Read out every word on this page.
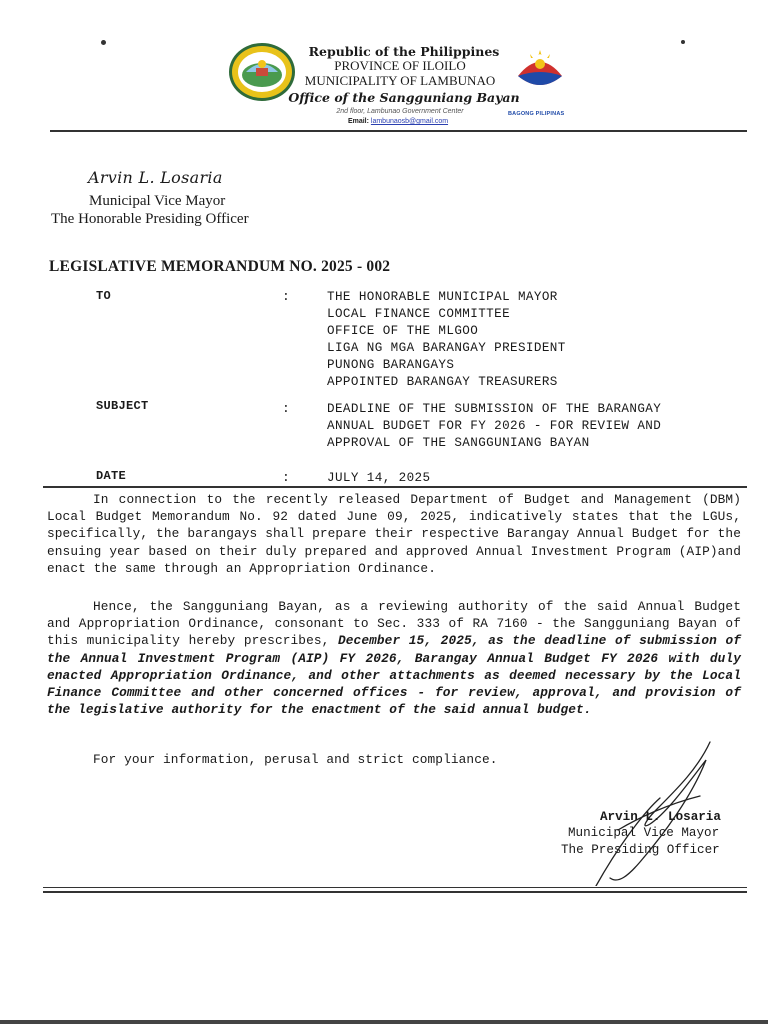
Republic of the Philippines
PROVINCE OF ILOILO
MUNICIPALITY OF LAMBUNAO
Office of the Sangguniang Bayan
2nd floor, Lambunao Government Center
Email: lambunaosb@gmail.com
BAGONG PILIPINAS
Arvin L. Losaria
Municipal Vice Mayor
The Honorable Presiding Officer
LEGISLATIVE MEMORANDUM NO. 2025 - 002
TO	:	THE HONORABLE MUNICIPAL MAYOR
LOCAL FINANCE COMMITTEE
OFFICE OF THE MLGOO
LIGA NG MGA BARANGAY PRESIDENT
PUNONG BARANGAYS
APPOINTED BARANGAY TREASURERS
SUBJECT	:	DEADLINE OF THE SUBMISSION OF THE BARANGAY
ANNUAL BUDGET FOR FY 2026 - FOR REVIEW AND
APPROVAL OF THE SANGGUNIANG BAYAN
DATE	:	JULY 14, 2025
In connection to the recently released Department of Budget and Management (DBM) Local Budget Memorandum No. 92 dated June 09, 2025, indicatively states that the LGUs, specifically, the barangays shall prepare their respective Barangay Annual Budget for the ensuing year based on their duly prepared and approved Annual Investment Program (AIP)and enact the same through an Appropriation Ordinance.
Hence, the Sangguniang Bayan, as a reviewing authority of the said Annual Budget and Appropriation Ordinance, consonant to Sec. 333 of RA 7160 - the Sangguniang Bayan of this municipality hereby prescribes, December 15, 2025, as the deadline of submission of the Annual Investment Program (AIP) FY 2026, Barangay Annual Budget FY 2026 with duly enacted Appropriation Ordinance, and other attachments as deemed necessary by the Local Finance Committee and other concerned offices - for review, approval, and provision of the legislative authority for the enactment of the said annual budget.
For your information, perusal and strict compliance.
Arvin L. Losaria
Municipal Vice Mayor
The Presiding Officer
